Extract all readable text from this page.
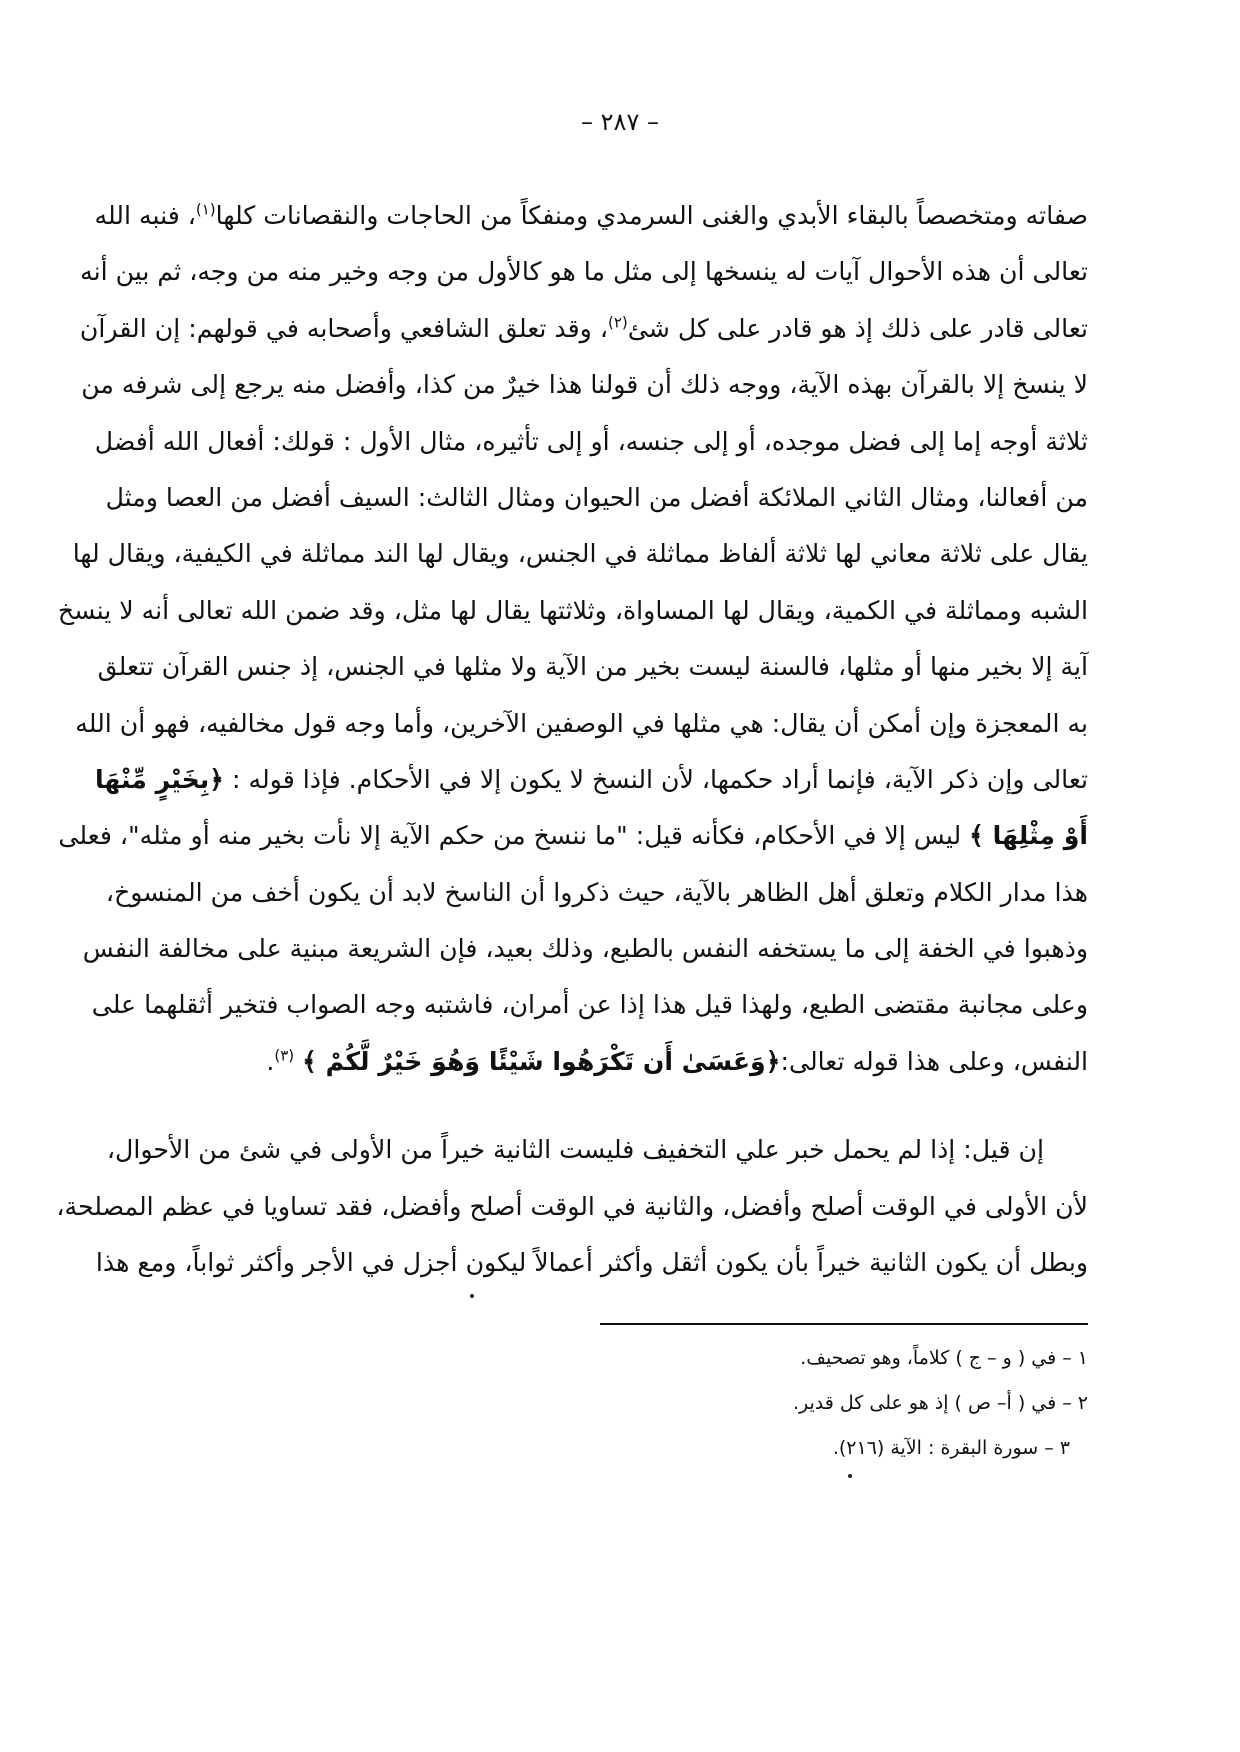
– ٢٨٧ –
صفاته ومتخصصاً بالبقاء الأبدي والغنى السرمدي ومنفكاً من الحاجات والنقصانات كلها$^{(١)}$، فنبه الله
تعالى أن هذه الأحوال آيات له ينسخها إلى مثل ما هو كالأول من وجه وخير منه من وجه، ثم بين أنه
تعالى قادر على ذلك إذ هو قادر على كل شئ$^{(٢)}$، وقد تعلق الشافعي وأصحابه في قولهم: إن القرآن
لا ينسخ إلا بالقرآن بهذه الآية، ووجه ذلك أن قولنا هذا خيرٌ من كذا، وأفضل منه يرجع إلى شرفه من
ثلاثة أوجه إما إلى فضل موجده، أو إلى جنسه، أو إلى تأثيره، مثال الأول : قولك: أفعال الله أفضل
من أفعالنا، ومثال الثاني الملائكة أفضل من الحيوان ومثال الثالث: السيف أفضل من العصا ومثل
يقال على ثلاثة معاني لها ثلاثة ألفاظ مماثلة في الجنس، ويقال لها الند مماثلة في الكيفية، ويقال لها
الشبه ومماثلة في الكمية، ويقال لها المساواة، وثلاثتها يقال لها مثل، وقد ضمن الله تعالى أنه لا ينسخ
آية إلا بخير منها أو مثلها، فالسنة ليست بخير من الآية ولا مثلها في الجنس، إذ جنس القرآن تتعلق
به المعجزة وإن أمكن أن يقال: هي مثلها في الوصفين الآخرين، وأما وجه قول مخالفيه، فهو أن الله
تعالى وإن ذكر الآية، فإنما أراد حكمها، لأن النسخ لا يكون إلا في الأحكام. فإذا قوله : ﴿بِخَيْرٍ مِّنْهَا
أَوْ مِثْلِهَا ﴾ ليس إلا في الأحكام، فكأنه قيل: "ما ننسخ من حكم الآية إلا نأت بخير منه أو مثله"، فعلى
هذا مدار الكلام وتعلق أهل الظاهر بالآية، حيث ذكروا أن الناسخ لابد أن يكون أخف من المنسوخ،
وذهبوا في الخفة إلى ما يستخفه النفس بالطبع، وذلك بعيد، فإن الشريعة مبنية على مخالفة النفس
وعلى مجانبة مقتضى الطبع، ولهذا قيل هذا إذا عن أمران، فاشتبه وجه الصواب فتخير أثقلهما على
النفس، وعلى هذا قوله تعالى:﴿وَعَسَىٰ أَن تَكْرَهُوا شَيْئًا وَهُوَ خَيْرٌ لَّكُمْ ﴾ $^{(٣)}$.
إن قيل: إذا لم يحمل خبر علي التخفيف فليست الثانية خيراً من الأولى في شئ من الأحوال،
لأن الأولى في الوقت أصلح وأفضل، والثانية في الوقت أصلح وأفضل، فقد تساويا في عظم المصلحة،
وبطل أن يكون الثانية خيراً بأن يكون أثقل وأكثر أعمالاً ليكون أجزل في الأجر وأكثر ثواباً، ومع هذا
١ – في ( و – ج ) كلاماً، وهو تصحيف.
٢ – في ( أ– ص ) إذ هو على كل قدير.
٣ – سورة البقرة : الآية (٢١٦).
